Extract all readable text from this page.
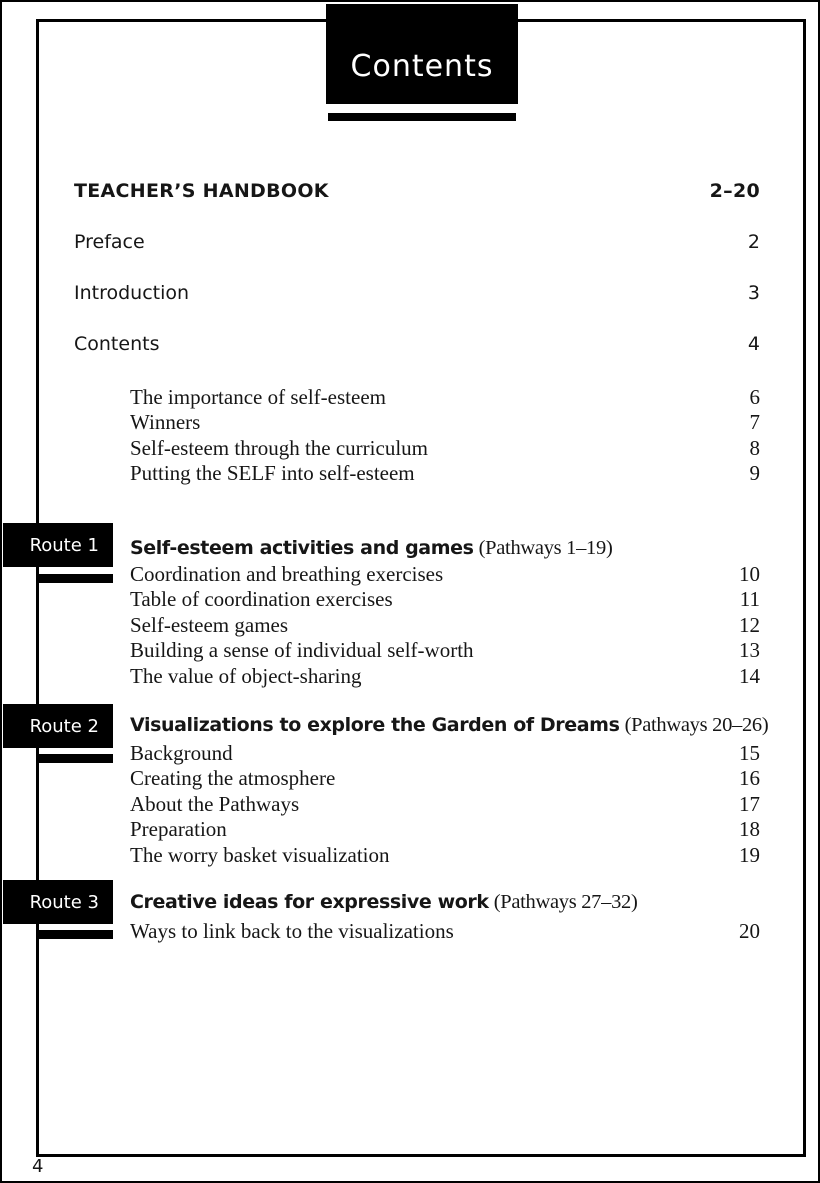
Contents
TEACHER’S HANDBOOK	2–20
Preface	2
Introduction	3
Contents	4
The importance of self-esteem	6
Winners	7
Self-esteem through the curriculum	8
Putting the SELF into self-esteem	9
Route 1 Self-esteem activities and games (Pathways 1–19)
Coordination and breathing exercises	10
Table of coordination exercises	11
Self-esteem games	12
Building a sense of individual self-worth	13
The value of object-sharing	14
Route 2 Visualizations to explore the Garden of Dreams (Pathways 20–26)
Background	15
Creating the atmosphere	16
About the Pathways	17
Preparation	18
The worry basket visualization	19
Route 3 Creative ideas for expressive work (Pathways 27–32)
Ways to link back to the visualizations	20
4
